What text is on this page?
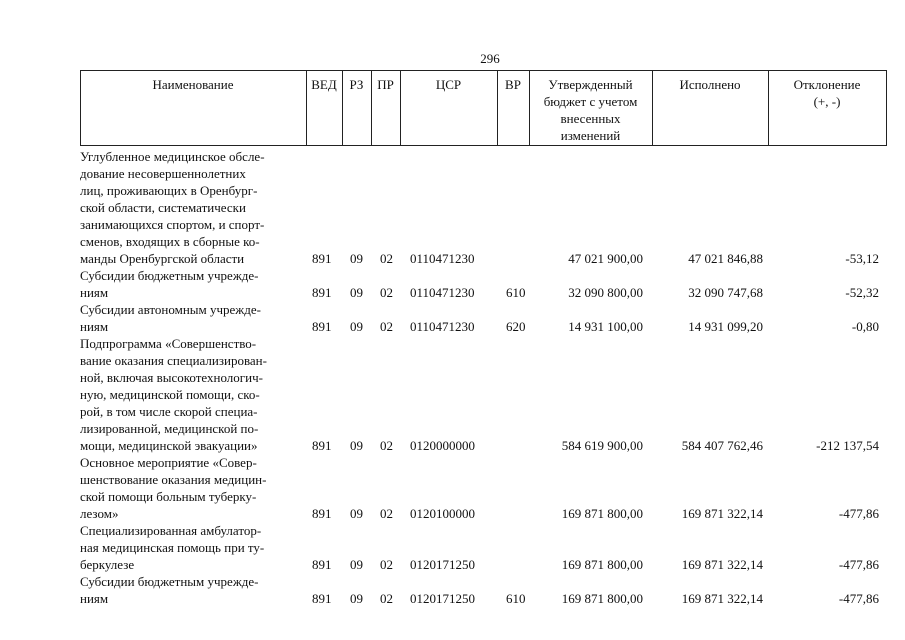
296
Наименование	ВЕД РЗ	ПР	ЦСР	ВР	Утвержденный
бюджет с учетом
внесенных
изменений
Исполнено	Отклонение
(+, -)
Углубленное медицинское обсле-
дование несовершеннолетних
лиц, проживающих в Оренбург-
ской области, систематически
занимающихся спортом, и спорт-
сменов, входящих в сборные ко-
манды Оренбургской области	891 09 02 0110471230	47 021 900,00	47 021 846,88	-53,12
Субсидии бюджетным учрежде-
ниям	891 09 02 0110471230 610	32 090 800,00	32 090 747,68	-52,32
Субсидии автономным учрежде-
ниям	891 09 02 0110471230 620	14 931 100,00	14 931 099,20	-0,80
Подпрограмма «Совершенство-
вание оказания специализирован-
ной, включая высокотехнологич-
ную, медицинской помощи, ско-
рой, в том числе скорой специа-
лизированной, медицинской по-
мощи, медицинской эвакуации»	891 09 02 0120000000	584 619 900,00	584 407 762,46	-212 137,54
Основное мероприятие «Совер-
шенствование оказания медицин-
ской помощи больным туберку-
лезом»	891 09 02 0120100000	169 871 800,00	169 871 322,14	-477,86
Специализированная амбулатор-
ная медицинская помощь при ту-
беркулезе	891 09 02 0120171250	169 871 800,00	169 871 322,14	-477,86
Субсидии бюджетным учрежде-
ниям	891 09 02 0120171250 610	169 871 800,00	169 871 322,14	-477,86
